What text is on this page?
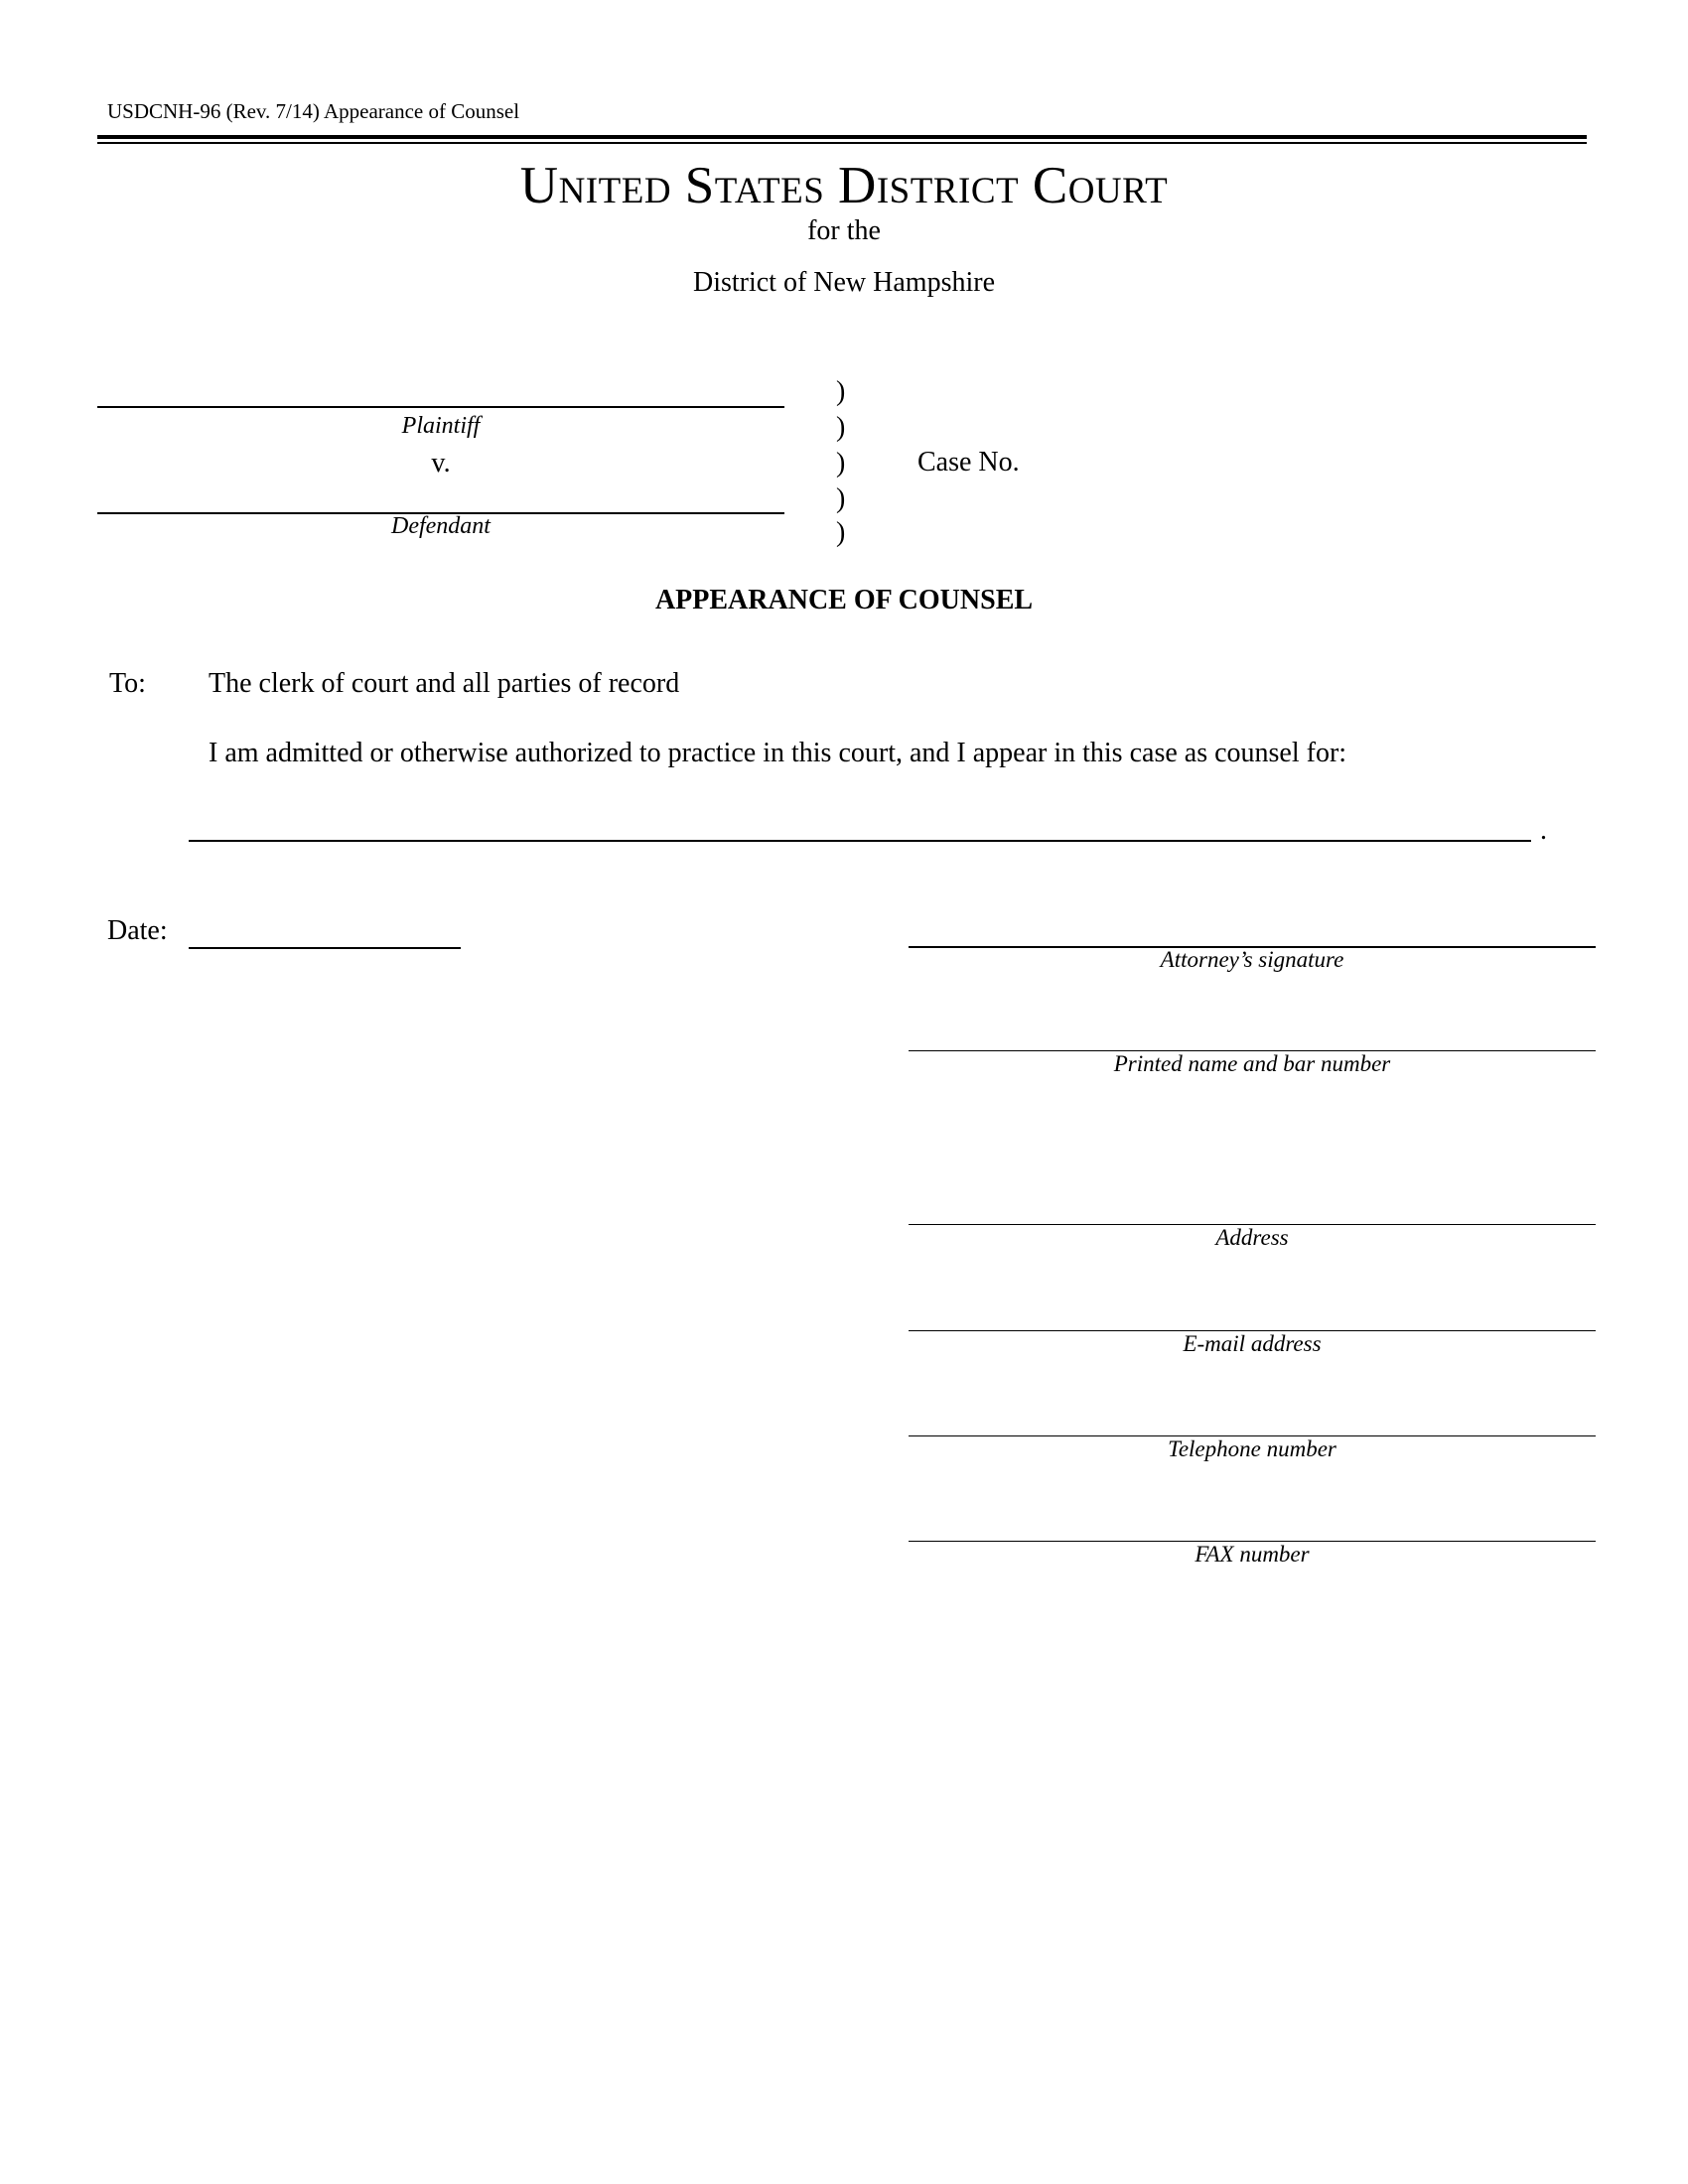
USDCNH-96 (Rev. 7/14) Appearance of Counsel
United States District Court
for the
District of New Hampshire
Plaintiff
v.
Defendant
)
)
)
)
)
Case No.
APPEARANCE OF COUNSEL
To: The clerk of court and all parties of record
I am admitted or otherwise authorized to practice in this court, and I appear in this case as counsel for:
.
Date:
Attorney’s signature
Printed name and bar number
Address
E-mail address
Telephone number
FAX number
